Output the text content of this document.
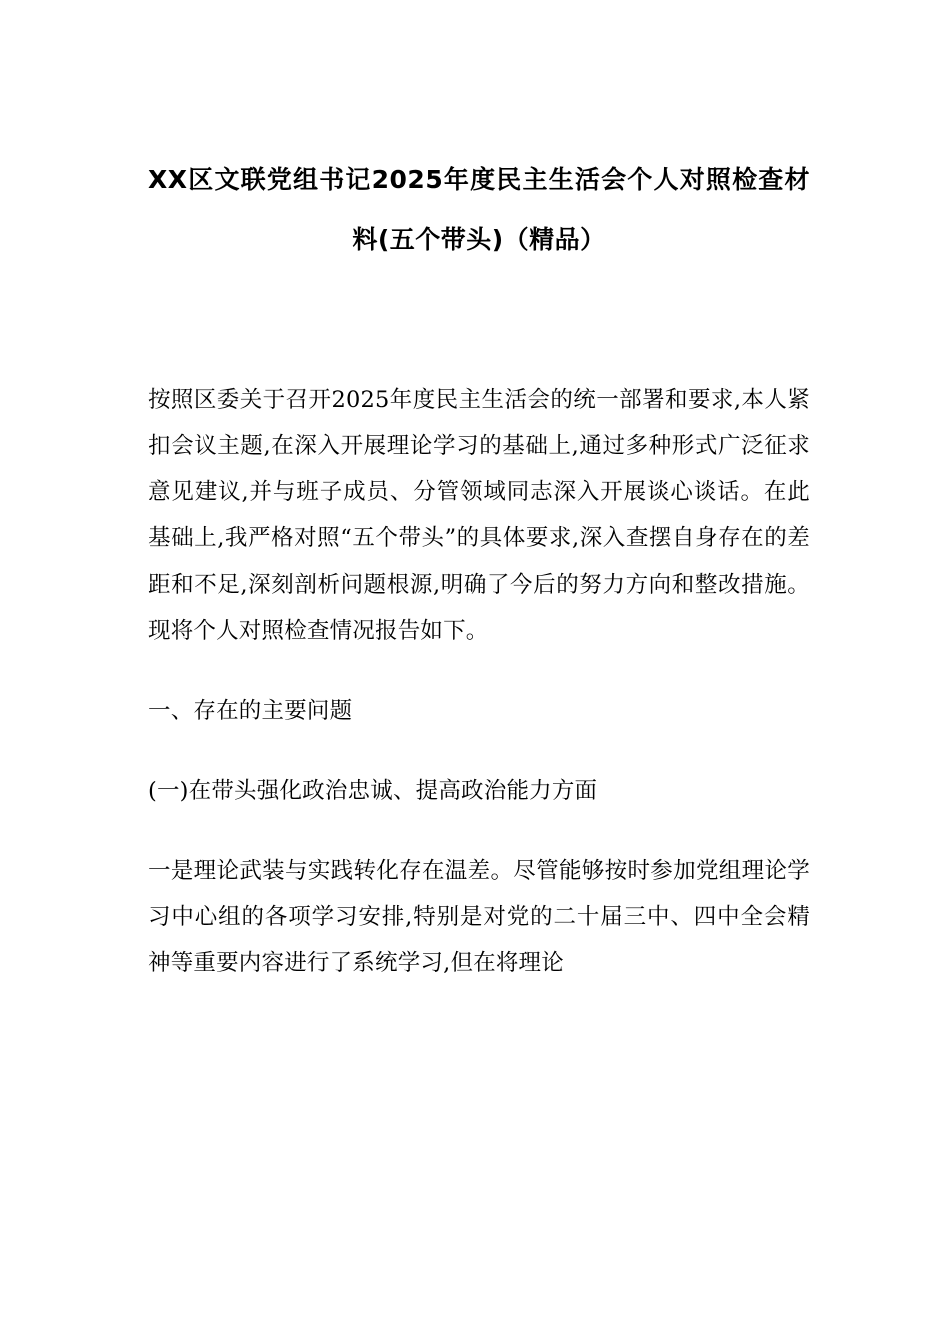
XX区文联党组书记2025年度民主生活会个人对照检查材料(五个带头)（精品）

按照区委关于召开2025年度民主生活会的统一部署和要求,本人紧扣会议主题,在深入开展理论学习的基础上,通过多种形式广泛征求意见建议,并与班子成员、分管领域同志深入开展谈心谈话。在此基础上,我严格对照“五个带头”的具体要求,深入查摆自身存在的差距和不足,深刻剖析问题根源,明确了今后的努力方向和整改措施。现将个人对照检查情况报告如下。

一、存在的主要问题

(一)在带头强化政治忠诚、提高政治能力方面

一是理论武装与实践转化存在温差。尽管能够按时参加党组理论学习中心组的各项学习安排,特别是对党的二十届三中、四中全会精神等重要内容进行了系统学习,但在将理论
